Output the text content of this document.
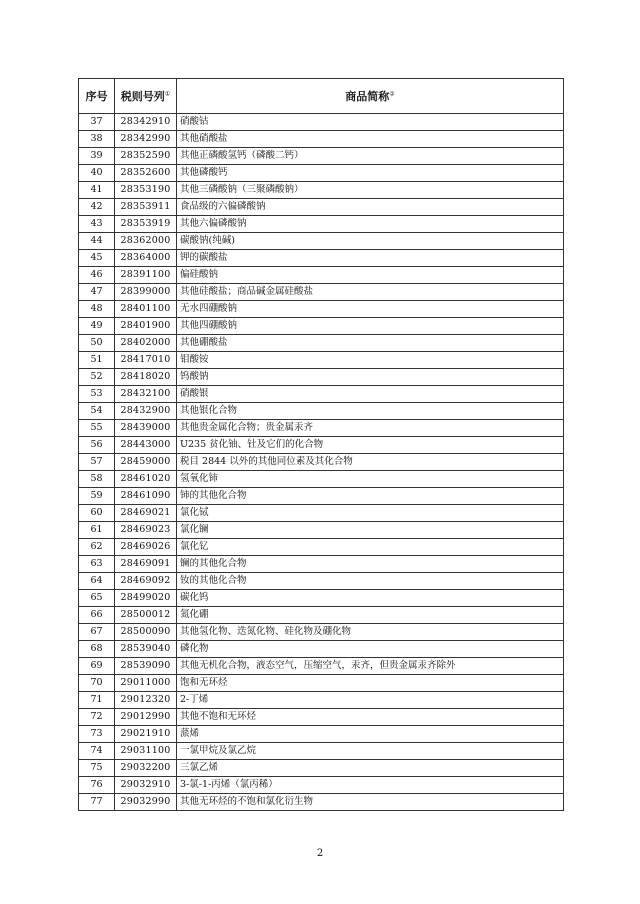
序号	税则号列①	商品简称②
37	28342910	硝酸钴
38	28342990	其他硝酸盐
39	28352590	其他正磷酸氢钙（磷酸二钙）
40	28352600	其他磷酸钙
41	28353190	其他三磷酸钠（三聚磷酸钠）
42	28353911	食品级的六偏磷酸钠
43	28353919	其他六偏磷酸钠
44	28362000	碳酸钠(纯碱)
45	28364000	钾的碳酸盐
46	28391100	偏硅酸钠
47	28399000	其他硅酸盐；商品碱金属硅酸盐
48	28401100	无水四硼酸钠
49	28401900	其他四硼酸钠
50	28402000	其他硼酸盐
51	28417010	钼酸铵
52	28418020	钨酸钠
53	28432100	硝酸银
54	28432900	其他银化合物
55	28439000	其他贵金属化合物；贵金属汞齐
56	28443000	U235 贫化铀、钍及它们的化合物
57	28459000	税目 2844 以外的其他同位素及其化合物
58	28461020	氢氧化铈
59	28461090	铈的其他化合物
60	28469021	氯化铽
61	28469023	氯化镧
62	28469026	氯化钇
63	28469091	镧的其他化合物
64	28469092	钕的其他化合物
65	28499020	碳化钨
66	28500012	氮化硼
67	28500090	其他氢化物、迭氮化物、硅化物及硼化物
68	28539040	磷化物
69	28539090	其他无机化合物，液态空气，压缩空气，汞齐，但贵金属汞齐除外
70	29011000	饱和无环烃
71	29012320	2-丁烯
72	29012990	其他不饱和无环烃
73	29021910	蒎烯
74	29031100	一氯甲烷及氯乙烷
75	29032200	三氯乙烯
76	29032910	3-氯-1-丙烯（氯丙稀）
77	29032990	其他无环烃的不饱和氯化衍生物
2
